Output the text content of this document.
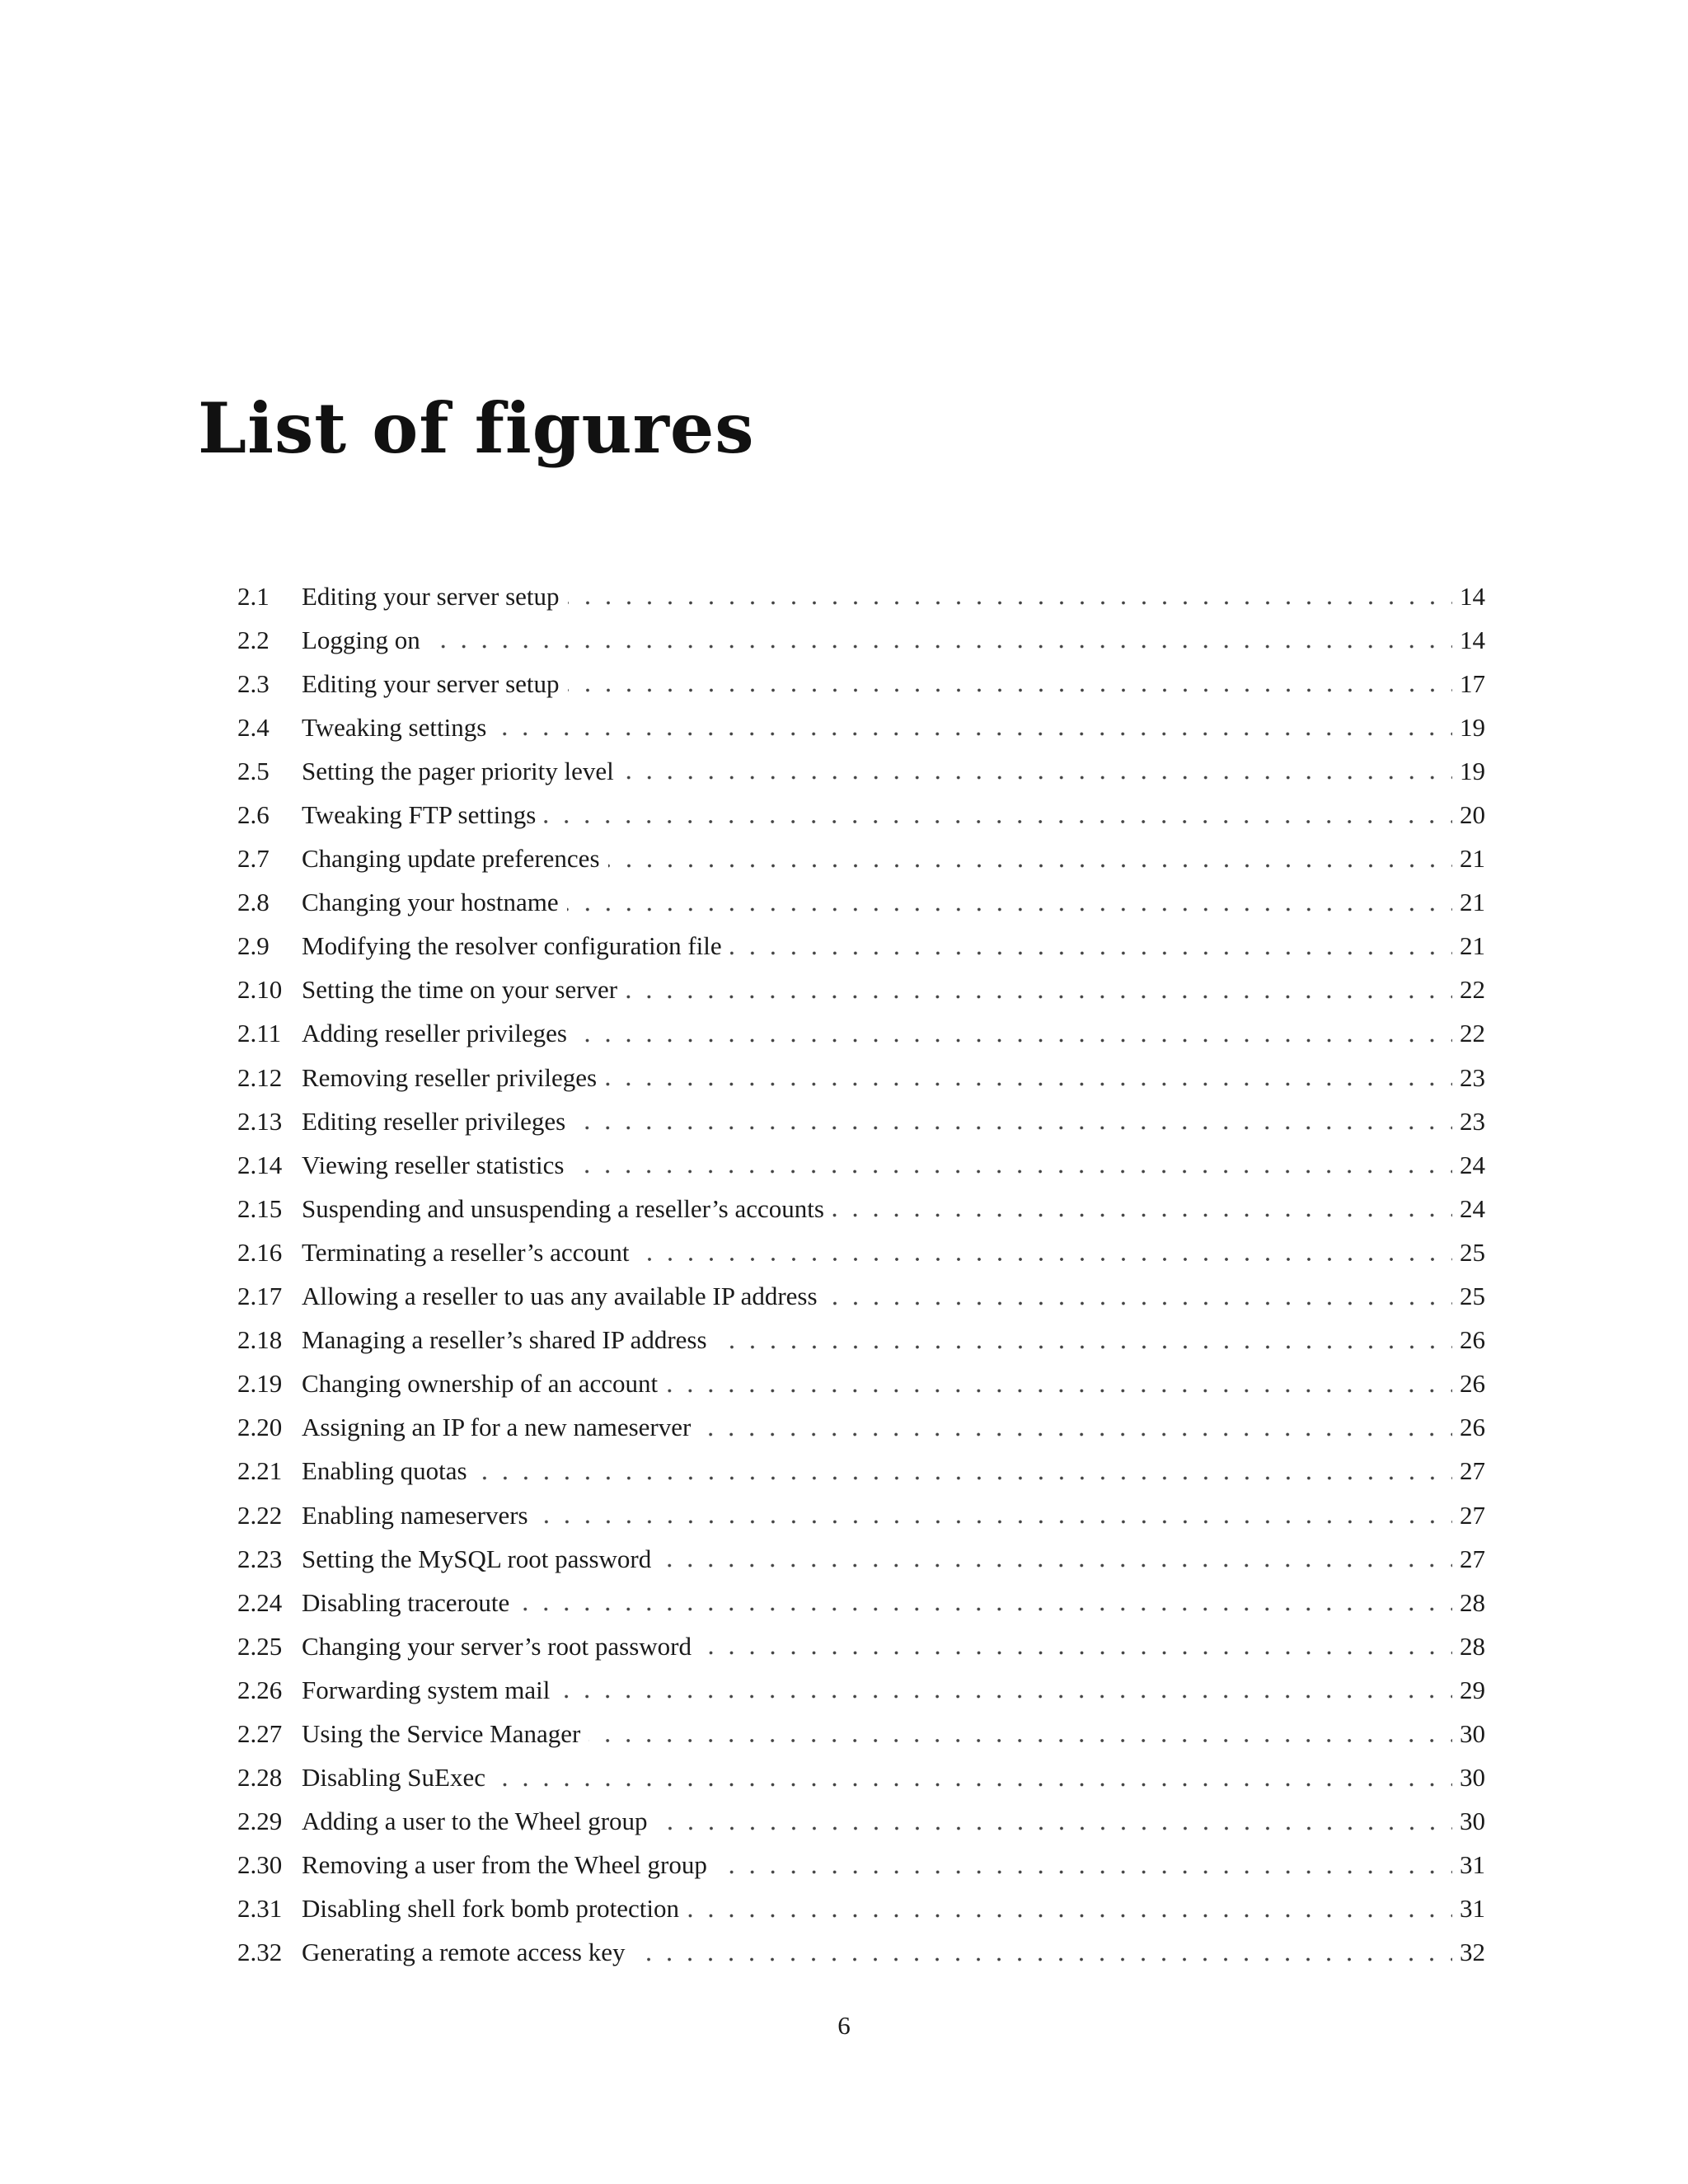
List of figures
2.1	Editing your server setup	14
2.2	Logging on	14
2.3	Editing your server setup	17
2.4	Tweaking settings	19
2.5	Setting the pager priority level	19
2.6	Tweaking FTP settings	20
2.7	Changing update preferences	21
2.8	Changing your hostname	21
2.9	Modifying the resolver configuration file	21
2.10 Setting the time on your server	22
2.11 Adding reseller privileges	22
2.12 Removing reseller privileges	23
2.13 Editing reseller privileges	23
2.14 Viewing reseller statistics	24
2.15 Suspending and unsuspending a reseller’s accounts	24
2.16 Terminating a reseller’s account	25
2.17 Allowing a reseller to uas any available IP address	25
2.18 Managing a reseller’s shared IP address	26
2.19 Changing ownership of an account	26
2.20 Assigning an IP for a new nameserver	26
2.21 Enabling quotas	27
2.22 Enabling nameservers	27
2.23 Setting the MySQL root password	27
2.24 Disabling traceroute	28
2.25 Changing your server’s root password	28
2.26 Forwarding system mail	29
2.27 Using the Service Manager	30
2.28 Disabling SuExec	30
2.29 Adding a user to the Wheel group	30
2.30 Removing a user from the Wheel group	31
2.31 Disabling shell fork bomb protection	31
2.32 Generating a remote access key	32
6
